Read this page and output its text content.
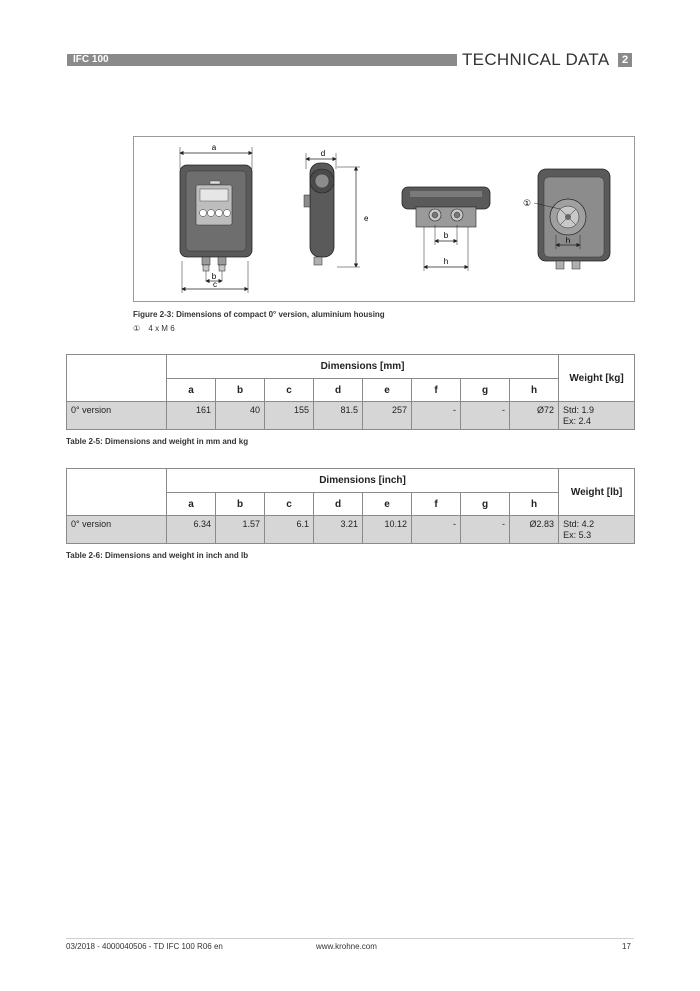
IFC 100	TECHNICAL DATA	2
a
b
c
d
e
b
h
①
h
Figure 2-3: Dimensions of compact 0° version, aluminium housing
① 4 x M 6
	Dimensions [mm]								Weight [kg]
	a	b	c	d	e	f	g	h	
0° version	161	40	155	81.5	257	-	-	Ø72	Std: 1.9
Ex: 2.4
Table 2-5: Dimensions and weight in mm and kg
	Dimensions [inch]								Weight [lb]
	a	b	c	d	e	f	g	h	
0° version	6.34	1.57	6.1	3.21	10.12	-	-	Ø2.83	Std: 4.2
Ex: 5.3
Table 2-6: Dimensions and weight in inch and lb
03/2018 - 4000040506 - TD IFC 100 R06 en	www.krohne.com	17
